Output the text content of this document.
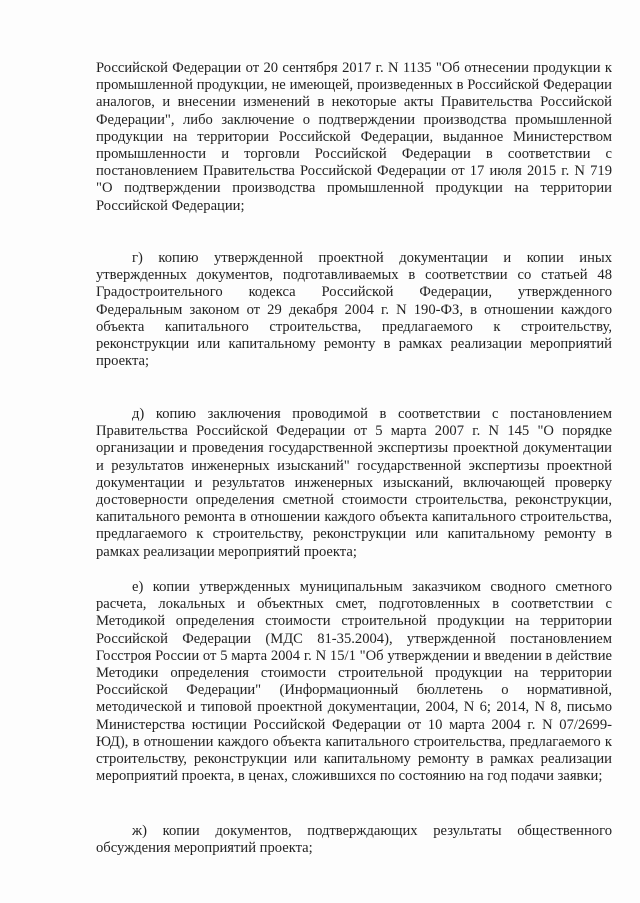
Российской Федерации от 20 сентября 2017 г. N 1135 "Об отнесении продукции к промышленной продукции, не имеющей, произведенных в Российской Федерации аналогов, и внесении изменений в некоторые акты Правительства Российской Федерации", либо заключение о подтверждении производства промышленной продукции на территории Российской Федерации, выданное Министерством промышленности и торговли Российской Федерации в соответствии с постановлением Правительства Российской Федерации от 17 июля 2015 г. N 719 "О подтверждении производства промышленной продукции на территории Российской Федерации;

г) копию утвержденной проектной документации и копии иных утвержденных документов, подготавливаемых в соответствии со статьей 48 Градостроительного кодекса Российской Федерации, утвержденного Федеральным законом от 29 декабря 2004 г. N 190-ФЗ, в отношении каждого объекта капитального строительства, предлагаемого к строительству, реконструкции или капитальному ремонту в рамках реализации мероприятий проекта;

д) копию заключения проводимой в соответствии с постановлением Правительства Российской Федерации от 5 марта 2007 г. N 145 "О порядке организации и проведения государственной экспертизы проектной документации и результатов инженерных изысканий" государственной экспертизы проектной документации и результатов инженерных изысканий, включающей проверку достоверности определения сметной стоимости строительства, реконструкции, капитального ремонта в отношении каждого объекта капитального строительства, предлагаемого к строительству, реконструкции или капитальному ремонту в рамках реализации мероприятий проекта;

е) копии утвержденных муниципальным заказчиком сводного сметного расчета, локальных и объектных смет, подготовленных в соответствии с Методикой определения стоимости строительной продукции на территории Российской Федерации (МДС 81-35.2004), утвержденной постановлением Госстроя России от 5 марта 2004 г. N 15/1 "Об утверждении и введении в действие Методики определения стоимости строительной продукции на территории Российской Федерации" (Информационный бюллетень о нормативной, методической и типовой проектной документации, 2004, N 6; 2014, N 8, письмо Министерства юстиции Российской Федерации от 10 марта 2004 г. N 07/2699-ЮД), в отношении каждого объекта капитального строительства, предлагаемого к строительству, реконструкции или капитальному ремонту в рамках реализации мероприятий проекта, в ценах, сложившихся по состоянию на год подачи заявки;

ж) копии документов, подтверждающих результаты общественного обсуждения мероприятий проекта;
